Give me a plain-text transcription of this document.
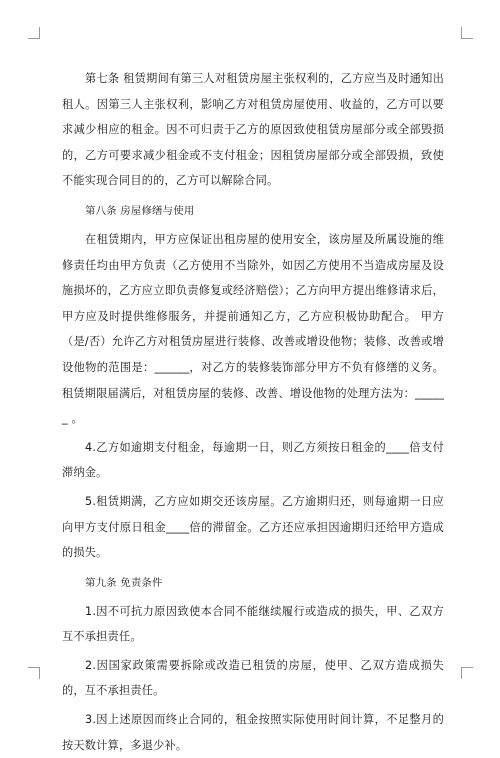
第七条 租赁期间有第三人对租赁房屋主张权利的，乙方应当及时通知出租人。因第三人主张权利，影响乙方对租赁房屋使用、收益的，乙方可以要求减少相应的租金。因不可归责于乙方的原因致使租赁房屋部分或全部毁损的，乙方可要求减少租金或不支付租金；因租赁房屋部分或全部毁损，致使不能实现合同目的的，乙方可以解除合同。

第八条 房屋修缮与使用

在租赁期内，甲方应保证出租房屋的使用安全，该房屋及所属设施的维修责任均由甲方负责（乙方使用不当除外，如因乙方使用不当造成房屋及设施损坏的，乙方应立即负责修复或经济赔偿）；乙方向甲方提出维修请求后，甲方应及时提供维修服务，并提前通知乙方，乙方应积极协助配合。 甲方（是/否）允许乙方对租赁房屋进行装修、改善或增设他物；装修、改善或增设他物的范围是：______，对乙方的装修装饰部分甲方不负有修缮的义务。租赁期限届满后，对租赁房屋的装修、改善、增设他物的处理方法为：______ 。

4.乙方如逾期支付租金，每逾期一日，则乙方须按日租金的____倍支付滞纳金。

5.租赁期满，乙方应如期交还该房屋。乙方逾期归还，则每逾期一日应向甲方支付原日租金____倍的滞留金。乙方还应承担因逾期归还给甲方造成的损失。

第九条 免责条件

1.因不可抗力原因致使本合同不能继续履行或造成的损失，甲、乙双方互不承担责任。

2.因国家政策需要拆除或改造已租赁的房屋，使甲、乙双方造成损失的，互不承担责任。

3.因上述原因而终止合同的，租金按照实际使用时间计算，不足整月的按天数计算，多退少补。
